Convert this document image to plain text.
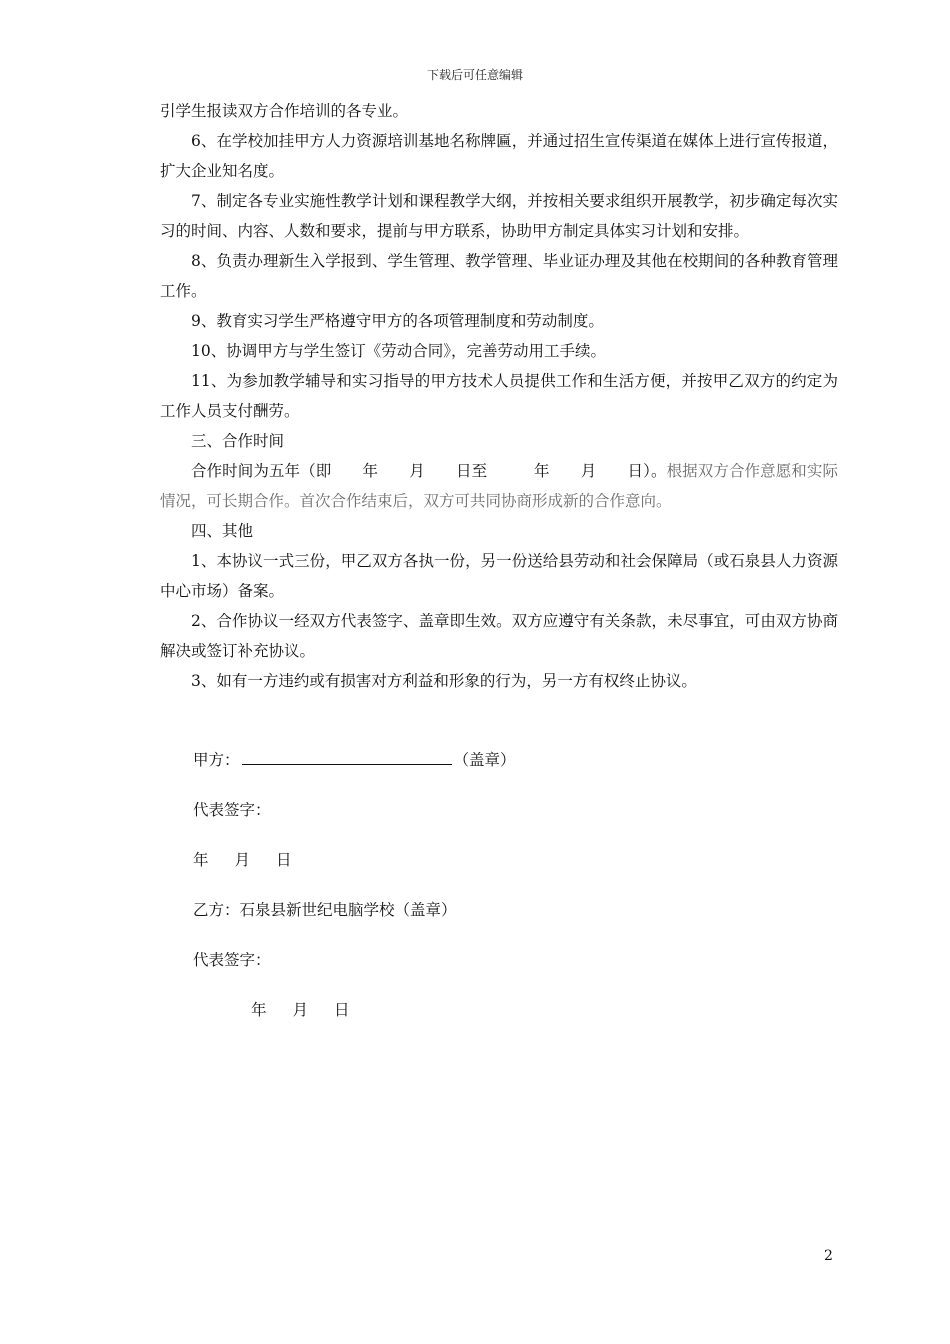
下载后可任意编辑

引学生报读双方合作培训的各专业。

6、在学校加挂甲方人力资源培训基地名称牌匾，并通过招生宣传渠道在媒体上进行宣传报道，扩大企业知名度。

7、制定各专业实施性教学计划和课程教学大纲，并按相关要求组织开展教学，初步确定每次实习的时间、内容、人数和要求，提前与甲方联系，协助甲方制定具体实习计划和安排。

8、负责办理新生入学报到、学生管理、教学管理、毕业证办理及其他在校期间的各种教育管理工作。

9、教育实习学生严格遵守甲方的各项管理制度和劳动制度。

10、协调甲方与学生签订《劳动合同》，完善劳动用工手续。

11、为参加教学辅导和实习指导的甲方技术人员提供工作和生活方便，并按甲乙双方的约定为工作人员支付酬劳。

三、合作时间

合作时间为五年（即　　年　　月　　日至　　　年　　月　　日）。根据双方合作意愿和实际情况，可长期合作。首次合作结束后，双方可共同协商形成新的合作意向。

四、其他

1、本协议一式三份，甲乙双方各执一份，另一份送给县劳动和社会保障局（或石泉县人力资源中心市场）备案。

2、合作协议一经双方代表签字、盖章即生效。双方应遵守有关条款，未尽事宜，可由双方协商解决或签订补充协议。

3、如有一方违约或有损害对方利益和形象的行为，另一方有权终止协议。

甲方：	（盖章）
代表签字：
年 月 日
乙方：石泉县新世纪电脑学校（盖章）
代表签字：
年 月 日
2
